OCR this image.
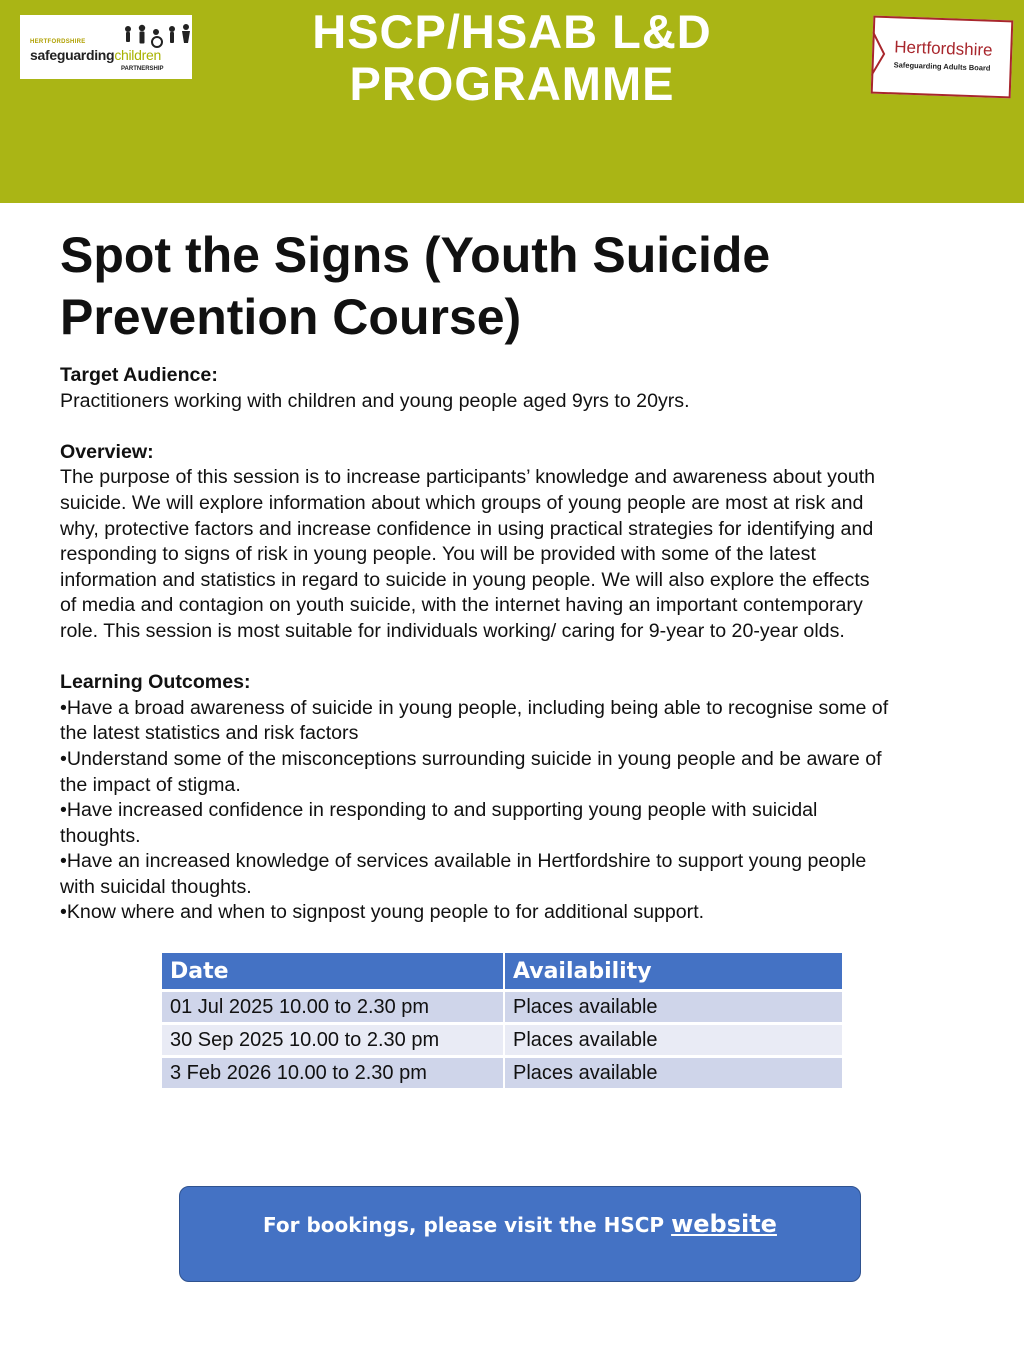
HERTFORDSHIRE
safeguardingchildren
PARTNERSHIP
HSCP/HSAB L&D
PROGRAMME
Hertfordshire
Safeguarding Adults Board
Spot the Signs (Youth Suicide
Prevention Course)

Target Audience:

Practitioners working with children and young people aged 9yrs to 20yrs.

Overview:

The purpose of this session is to increase participants’ knowledge and awareness about youth

suicide. We will explore information about which groups of young people are most at risk and

why, protective factors and increase confidence in using practical strategies for identifying and

responding to signs of risk in young people. You will be provided with some of the latest

information and statistics in regard to suicide in young people. We will also explore the effects

of media and contagion on youth suicide, with the internet having an important contemporary

role. This session is most suitable for individuals working/ caring for 9-year to 20-year olds.

Learning Outcomes:

•Have a broad awareness of suicide in young people, including being able to recognise some of

the latest statistics and risk factors

•Understand some of the misconceptions surrounding suicide in young people and be aware of

the impact of stigma.

•Have increased confidence in responding to and supporting young people with suicidal

thoughts.

•Have an increased knowledge of services available in Hertfordshire to support young people

with suicidal thoughts.

•Know where and when to signpost young people to for additional support.

Date	Availability
01 Jul 2025 10.00 to 2.30 pm	Places available
30 Sep 2025 10.00 to 2.30 pm	Places available
3 Feb 2026 10.00 to 2.30 pm	Places available
For bookings, please visit the HSCP website
